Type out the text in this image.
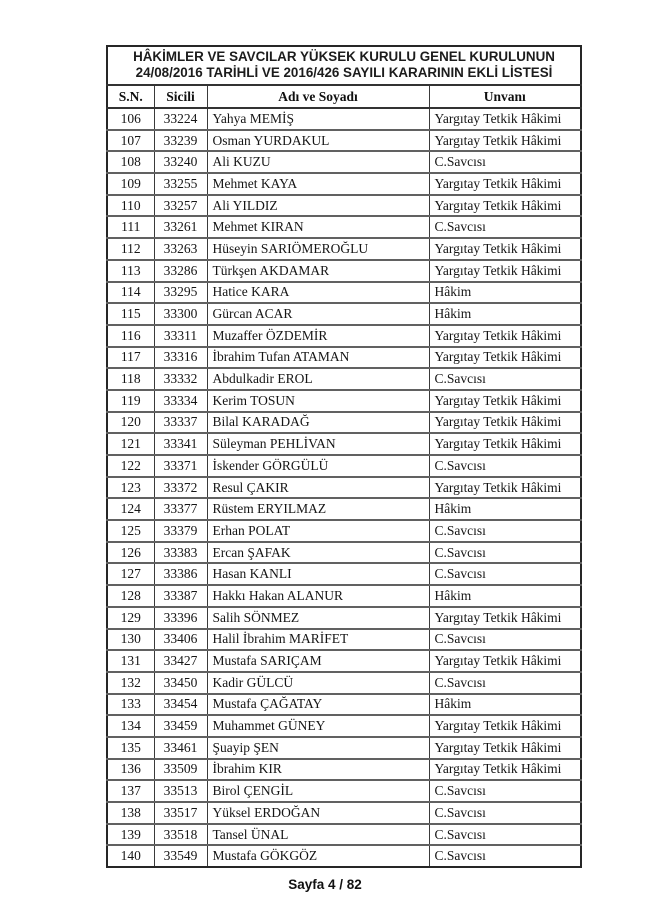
HÂKİMLER VE SAVCILAR YÜKSEK KURULU GENEL KURULUNUN
24/08/2016 TARİHLİ VE 2016/426 SAYILI KARARININ EKLİ LİSTESİ			

S.N.	Sicili	Adı ve Soyadı	Unvanı
106	33224	Yahya MEMİŞ	Yargıtay Tetkik Hâkimi
107	33239	Osman YURDAKUL	Yargıtay Tetkik Hâkimi
108	33240	Ali KUZU	C.Savcısı
109	33255	Mehmet KAYA	Yargıtay Tetkik Hâkimi
110	33257	Ali YILDIZ	Yargıtay Tetkik Hâkimi
111	33261	Mehmet KIRAN	C.Savcısı
112	33263	Hüseyin SARIÖMEROĞLU	Yargıtay Tetkik Hâkimi
113	33286	Türkşen AKDAMAR	Yargıtay Tetkik Hâkimi
114	33295	Hatice KARA	Hâkim
115	33300	Gürcan ACAR	Hâkim
116	33311	Muzaffer ÖZDEMİR	Yargıtay Tetkik Hâkimi
117	33316	İbrahim Tufan ATAMAN	Yargıtay Tetkik Hâkimi
118	33332	Abdulkadir EROL	C.Savcısı
119	33334	Kerim TOSUN	Yargıtay Tetkik Hâkimi
120	33337	Bilal KARADAĞ	Yargıtay Tetkik Hâkimi
121	33341	Süleyman PEHLİVAN	Yargıtay Tetkik Hâkimi
122	33371	İskender GÖRGÜLÜ	C.Savcısı
123	33372	Resul ÇAKIR	Yargıtay Tetkik Hâkimi
124	33377	Rüstem ERYILMAZ	Hâkim
125	33379	Erhan POLAT	C.Savcısı
126	33383	Ercan ŞAFAK	C.Savcısı
127	33386	Hasan KANLI	C.Savcısı
128	33387	Hakkı Hakan ALANUR	Hâkim
129	33396	Salih SÖNMEZ	Yargıtay Tetkik Hâkimi
130	33406	Halil İbrahim MARİFET	C.Savcısı
131	33427	Mustafa SARIÇAM	Yargıtay Tetkik Hâkimi
132	33450	Kadir GÜLCÜ	C.Savcısı
133	33454	Mustafa ÇAĞATAY	Hâkim
134	33459	Muhammet GÜNEY	Yargıtay Tetkik Hâkimi
135	33461	Şuayip ŞEN	Yargıtay Tetkik Hâkimi
136	33509	İbrahim KIR	Yargıtay Tetkik Hâkimi
137	33513	Birol ÇENGİL	C.Savcısı
138	33517	Yüksel ERDOĞAN	C.Savcısı
139	33518	Tansel ÜNAL	C.Savcısı
140	33549	Mustafa GÖKGÖZ	C.Savcısı
Sayfa 4 / 82
